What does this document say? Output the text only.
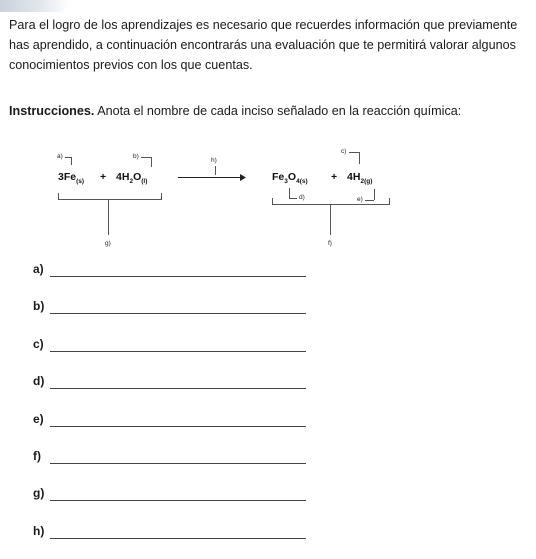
Para el logro de los aprendizajes es necesario que recuerdes información que previamente has aprendido, a continuación encontrarás una evaluación que te permitirá valorar algunos conocimientos previos con los que cuentas.

Instrucciones. Anota el nombre de cada inciso señalado en la reacción química:

a)	b)
$3Fe_{(s)} + 4H_2O_{(l)}$
g)
h)
c)
$Fe_3O_{4(s)} + 4H_{2(g)}$
d)	e)
f)
a)
b)
c)
d)
e)
f)
g)
h)
